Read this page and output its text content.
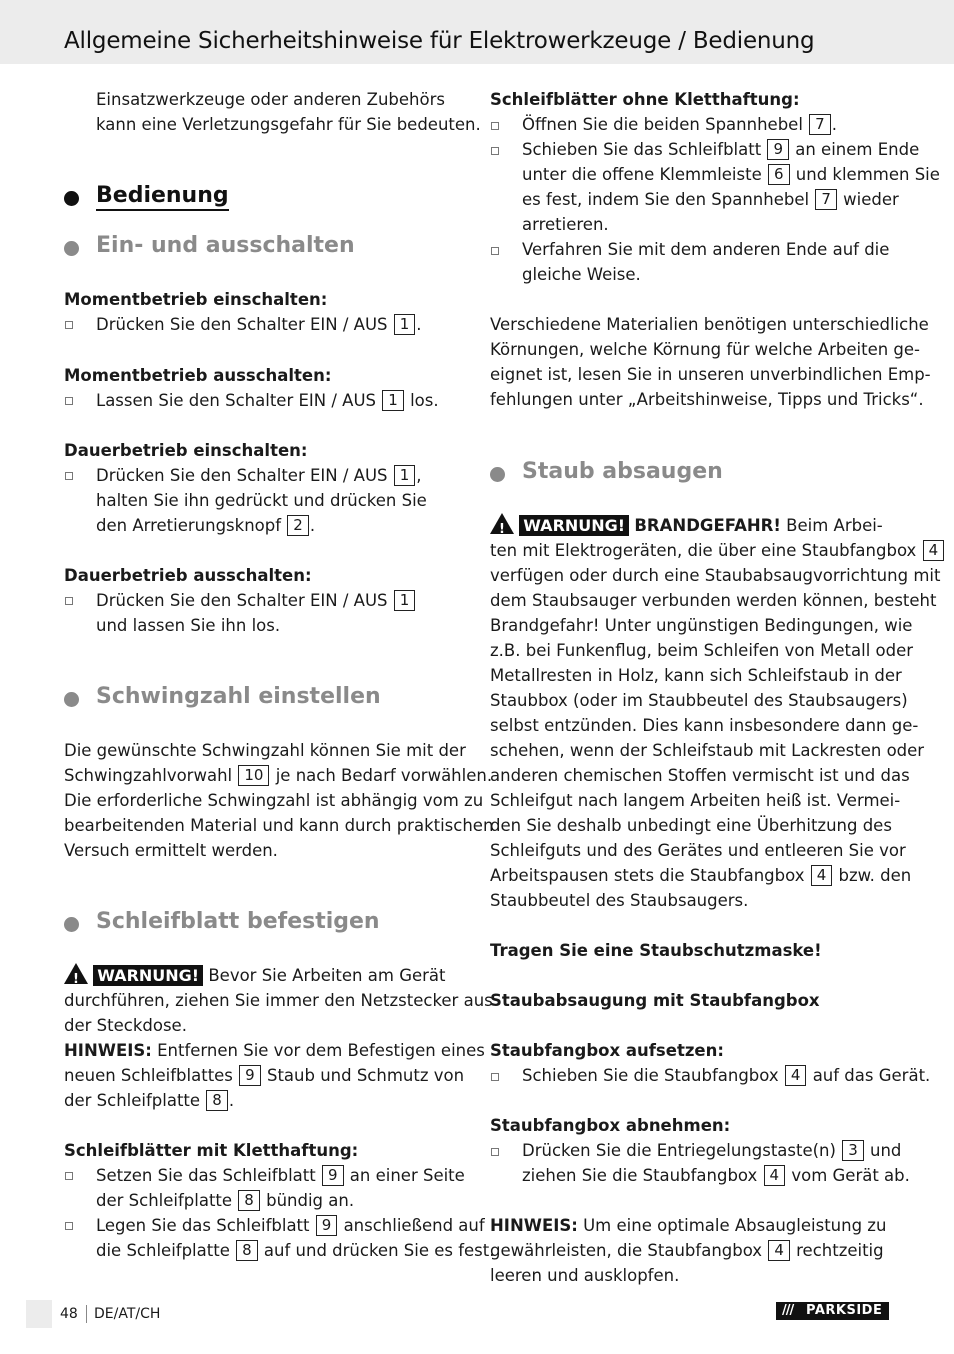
Allgemeine Sicherheitshinweise für Elektrowerkzeuge / Bedienung
Einsatzwerkzeuge oder anderen Zubehörs
kann eine Verletzungsgefahr für Sie bedeuten.
Bedienung
Ein- und ausschalten
Momentbetrieb einschalten:
Drücken Sie den Schalter EIN / AUS 1 .
Momentbetrieb ausschalten:
Lassen Sie den Schalter EIN / AUS 1 los.
Dauerbetrieb einschalten:
Drücken Sie den Schalter EIN / AUS 1 ,
halten Sie ihn gedrückt und drücken Sie
den Arretierungsknopf 2 .
Dauerbetrieb ausschalten:
Drücken Sie den Schalter EIN / AUS 1
und lassen Sie ihn los.
Schwingzahl einstellen
Die gewünschte Schwingzahl können Sie mit der
Schwingzahlvorwahl 10 je nach Bedarf vorwählen.
Die erforderliche Schwingzahl ist abhängig vom zu
bearbeitenden Material und kann durch praktischen
Versuch ermittelt werden.
Schleifblatt befestigen
! WARNUNG! Bevor Sie Arbeiten am Gerät
durchführen, ziehen Sie immer den Netzstecker aus
der Steckdose.
HINWEIS: Entfernen Sie vor dem Befestigen eines
neuen Schleifblattes 9 Staub und Schmutz von
der Schleifplatte 8 .
Schleifblätter mit Kletthaftung:
Setzen Sie das Schleifblatt 9 an einer Seite
der Schleifplatte 8 bündig an.
Legen Sie das Schleifblatt 9 anschließend auf
die Schleifplatte 8 auf und drücken Sie es fest.
Schleifblätter ohne Kletthaftung:
Öffnen Sie die beiden Spannhebel 7 .
Schieben Sie das Schleifblatt 9 an einem Ende
unter die offene Klemmleiste 6 und klemmen Sie
es fest, indem Sie den Spannhebel 7 wieder
arretieren.
Verfahren Sie mit dem anderen Ende auf die
gleiche Weise.
Verschiedene Materialien benötigen unterschiedliche
Körnungen, welche Körnung für welche Arbeiten ge-
eignet ist, lesen Sie in unseren unverbindlichen Emp-
fehlungen unter „Arbeitshinweise, Tipps und Tricks“.
Staub absaugen
! WARNUNG! BRANDGEFAHR! Beim Arbei-
ten mit Elektrogeräten, die über eine Staubfangbox 4
verfügen oder durch eine Staubabsaugvorrichtung mit
dem Staubsauger verbunden werden können, besteht
Brandgefahr! Unter ungünstigen Bedingungen, wie
z.B. bei Funkenflug, beim Schleifen von Metall oder
Metallresten in Holz, kann sich Schleifstaub in der
Staubbox (oder im Staubbeutel des Staubsaugers)
selbst entzünden. Dies kann insbesondere dann ge-
schehen, wenn der Schleifstaub mit Lackresten oder
anderen chemischen Stoffen vermischt ist und das
Schleifgut nach langem Arbeiten heiß ist. Vermei-
den Sie deshalb unbedingt eine Überhitzung des
Schleifguts und des Gerätes und entleeren Sie vor
Arbeitspausen stets die Staubfangbox 4 bzw. den
Staubbeutel des Staubsaugers.
Tragen Sie eine Staubschutzmaske!
Staubabsaugung mit Staubfangbox
Staubfangbox aufsetzen:
Schieben Sie die Staubfangbox 4 auf das Gerät.
Staubfangbox abnehmen:
Drücken Sie die Entriegelungstaste(n) 3 und
ziehen Sie die Staubfangbox 4 vom Gerät ab.
HINWEIS: Um eine optimale Absaugleistung zu
gewährleisten, die Staubfangbox 4 rechtzeitig
leeren und ausklopfen.
48 DE/AT/CH	/// PARKSIDE
